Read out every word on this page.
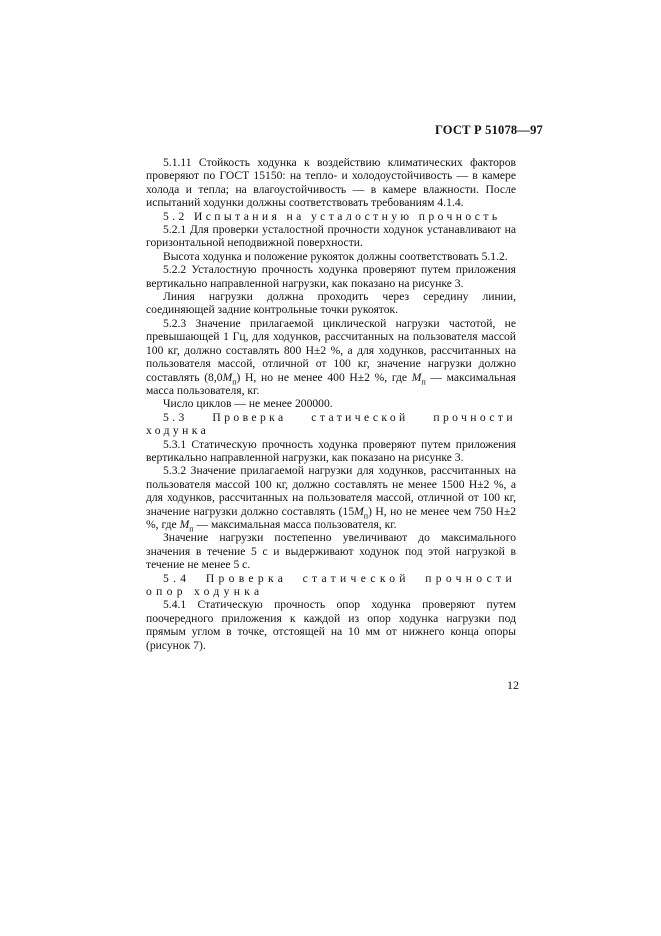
ГОСТ Р 51078—97

5.1.11 Стойкость ходунка к воздействию климатических факторов проверяют по ГОСТ 15150: на тепло- и холодоустойчивость — в камере холода и тепла; на влагоустойчивость — в камере влажности. После испытаний ходунки должны соответствовать требованиям 4.1.4.

5.2 Испытания на усталостную прочность

5.2.1 Для проверки усталостной прочности ходунок устанавливают на горизонтальной неподвижной поверхности.

Высота ходунка и положение рукояток должны соответствовать 5.1.2.

5.2.2 Усталостную прочность ходунка проверяют путем приложения вертикально направленной нагрузки, как показано на рисунке 3.

Линия нагрузки должна проходить через середину линии, соединяющей задние контрольные точки рукояток.

5.2.3 Значение прилагаемой циклической нагрузки частотой, не превышающей 1 Гц, для ходунков, рассчитанных на пользователя массой 100 кг, должно составлять 800 Н±2 %, а для ходунков, рассчитанных на пользователя массой, отличной от 100 кг, значение нагрузки должно составлять $(8,0M_п)$ Н, но не менее 400 Н±2 %, где $M_п$ — максимальная масса пользователя, кг.

Число циклов — не менее 200000.

5.3 Проверка статической прочности ходунка

5.3.1 Статическую прочность ходунка проверяют путем приложения вертикально направленной нагрузки, как показано на рисунке 3.

5.3.2 Значение прилагаемой нагрузки для ходунков, рассчитанных на пользователя массой 100 кг, должно составлять не менее 1500 Н±2 %, а для ходунков, рассчитанных на пользователя массой, отличной от 100 кг, значение нагрузки должно составлять $(15M_п)$ Н, но не менее чем 750 Н±2 %, где $M_п$ — максимальная масса пользователя, кг.

Значение нагрузки постепенно увеличивают до максимального значения в течение 5 с и выдерживают ходунок под этой нагрузкой в течение не менее 5 с.

5.4 Проверка статической прочности опор ходунка

5.4.1 Статическую прочность опор ходунка проверяют путем поочередного приложения к каждой из опор ходунка нагрузки под прямым углом в точке, отстоящей на 10 мм от нижнего конца опоры (рисунок 7).

12
